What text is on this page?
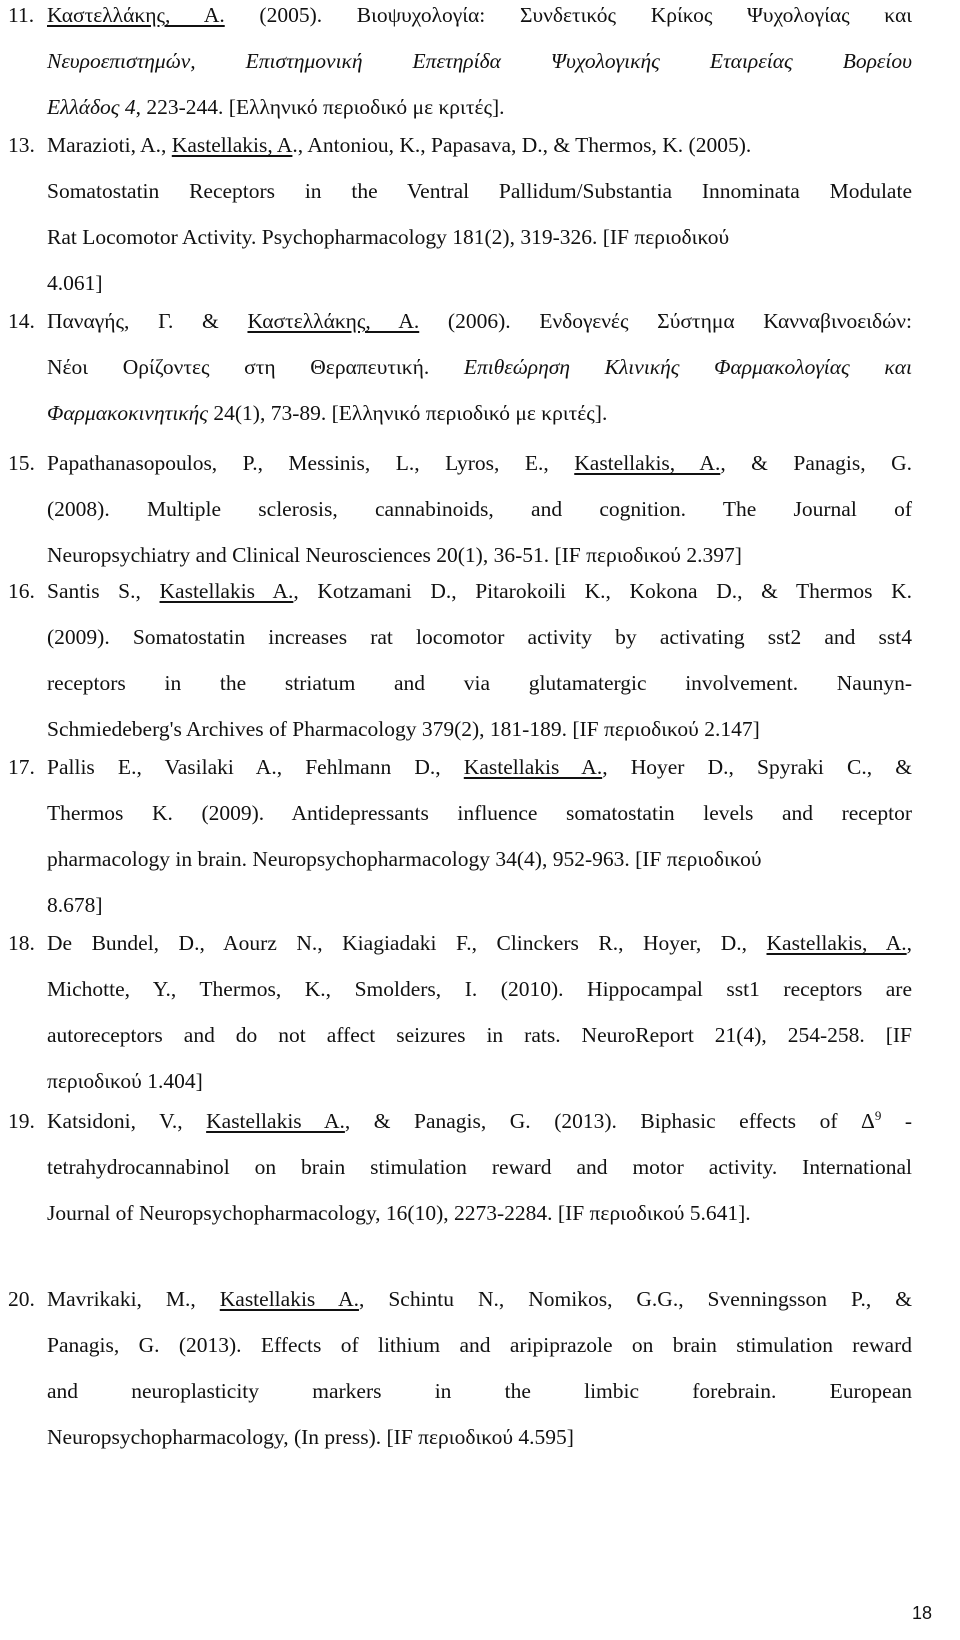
11. Καστελλάκης, Α. (2005). Βιοψυχολογία: Συνδετικός Κρίκος Ψυχολογίας και
Νευροεπιστημών, Επιστημονική Επετηρίδα Ψυχολογικής Εταιρείας Βορείου
Ελλάδος 4, 223-244. [Ελληνικό περιοδικό με κριτές].
13. Marazioti, A., Kastellakis, A., Antoniou, K., Papasava, D., & Thermos, K. (2005).
Somatostatin Receptors in the Ventral Pallidum/Substantia Innominata Modulate
Rat Locomotor Activity. Psychopharmacology 181(2), 319-326. [IF περιοδικού
4.061]
14. Παναγής, Γ. & Καστελλάκης, Α. (2006). Ενδογενές Σύστημα Κανναβινοειδών:
Νέοι Ορίζοντες στη Θεραπευτική. Επιθεώρηση Κλινικής Φαρμακολογίας και
Φαρμακοκινητικής 24(1), 73-89. [Ελληνικό περιοδικό με κριτές].
15. Papathanasopoulos, P., Messinis, L., Lyros, E., Kastellakis, A., & Panagis, G.
(2008). Multiple sclerosis, cannabinoids, and cognition. The Journal of
Neuropsychiatry and Clinical Neurosciences 20(1), 36-51. [IF περιοδικού 2.397]
16. Santis S., Kastellakis A., Kotzamani D., Pitarokoili K., Kokona D., & Thermos K.
(2009). Somatostatin increases rat locomotor activity by activating sst2 and sst4
receptors in the striatum and via glutamatergic involvement. Naunyn-
Schmiedeberg's Archives of Pharmacology 379(2), 181-189. [IF περιοδικού 2.147]
17. Pallis E., Vasilaki A., Fehlmann D., Kastellakis A., Hoyer D., Spyraki C., &
Thermos K. (2009). Antidepressants influence somatostatin levels and receptor
pharmacology in brain. Neuropsychopharmacology 34(4), 952-963. [IF περιοδικού
8.678]
18. De Bundel, D., Aourz N., Kiagiadaki F., Clinckers R., Hoyer, D., Kastellakis, A.,
Michotte, Y., Thermos, K., Smolders, I. (2010). Hippocampal sst1 receptors are
autoreceptors and do not affect seizures in rats. NeuroReport 21(4), 254-258. [IF
περιοδικού 1.404]
19. Katsidoni, V., Kastellakis A., & Panagis, G. (2013). Biphasic effects of $\Delta^9$ -
tetrahydrocannabinol on brain stimulation reward and motor activity. International
Journal of Neuropsychopharmacology, 16(10), 2273-2284. [IF περιοδικού 5.641].
20. Mavrikaki, M., Kastellakis A., Schintu N., Nomikos, G.G., Svenningsson P., &
Panagis, G. (2013). Effects of lithium and aripiprazole on brain stimulation reward
and neuroplasticity markers in the limbic forebrain. European
Neuropsychopharmacology, (In press). [IF περιοδικού 4.595]
18
